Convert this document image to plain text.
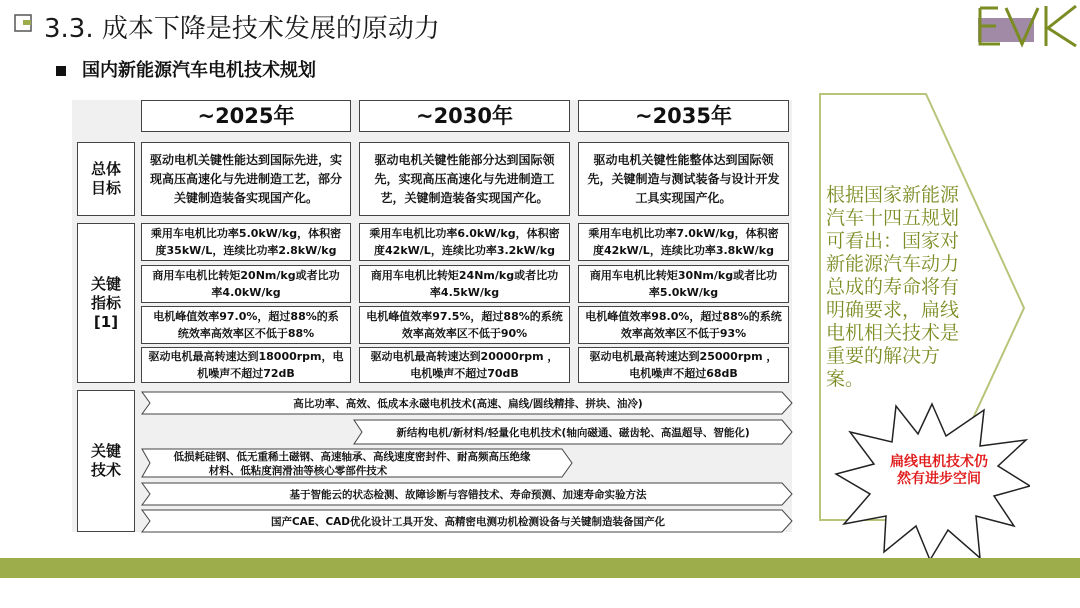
3.3. 成本下降是技术发展的原动力
国内新能源汽车电机技术规划
EVK
~2025年	~2030年	~2035年
总体
目标
关键
指标
[1]
关键
技术
驱动电机关键性能达到国际先进，实现高压高速化与先进制造工艺，部分关键制造装备实现国产化。
驱动电机关键性能部分达到国际领先，实现高压高速化与先进制造工艺，关键制造装备实现国产化。
驱动电机关键性能整体达到国际领先，关键制造与测试装备与设计开发工具实现国产化。
乘用车电机比功率5.0kW/kg，体积密度35kW/L，连续比功率2.8kW/kg
乘用车电机比功率6.0kW/kg，体积密度42kW/L，连续比功率3.2kW/kg
乘用车电机比功率7.0kW/kg，体积密度42kW/L，连续比功率3.8kW/kg
商用车电机比转矩20Nm/kg或者比功率4.0kW/kg
商用车电机比转矩24Nm/kg或者比功率4.5kW/kg
商用车电机比转矩30Nm/kg或者比功率5.0kW/kg
电机峰值效率97.0%，超过88%的系统效率高效率区不低于88%
电机峰值效率97.5%，超过88%的系统效率高效率区不低于90%
电机峰值效率98.0%，超过88%的系统效率高效率区不低于93%
驱动电机最高转速达到18000rpm，电机噪声不超过72dB
驱动电机最高转速达到20000rpm ，电机噪声不超过70dB
驱动电机最高转速达到25000rpm ，电机噪声不超过68dB
高比功率、高效、低成本永磁电机技术(高速、扁线/圆线精排、拼块、油冷)
新结构电机/新材料/轻量化电机技术(轴向磁通、磁齿轮、高温超导、智能化)
低损耗硅钢、低无重稀土磁钢、高速轴承、高线速度密封件、耐高频高压绝缘
材料、低粘度润滑油等核心零部件技术
基于智能云的状态检测、故障诊断与容错技术、寿命预测、加速寿命实验方法
国产CAE、CAD优化设计工具开发、高精密电测功机检测设备与关键制造装备国产化
根据国家新能源汽车十四五规划可看出：国家对新能源汽车动力总成的寿命将有明确要求，扁线电机相关技术是重要的解决方案。
扁线电机技术仍然有进步空间
